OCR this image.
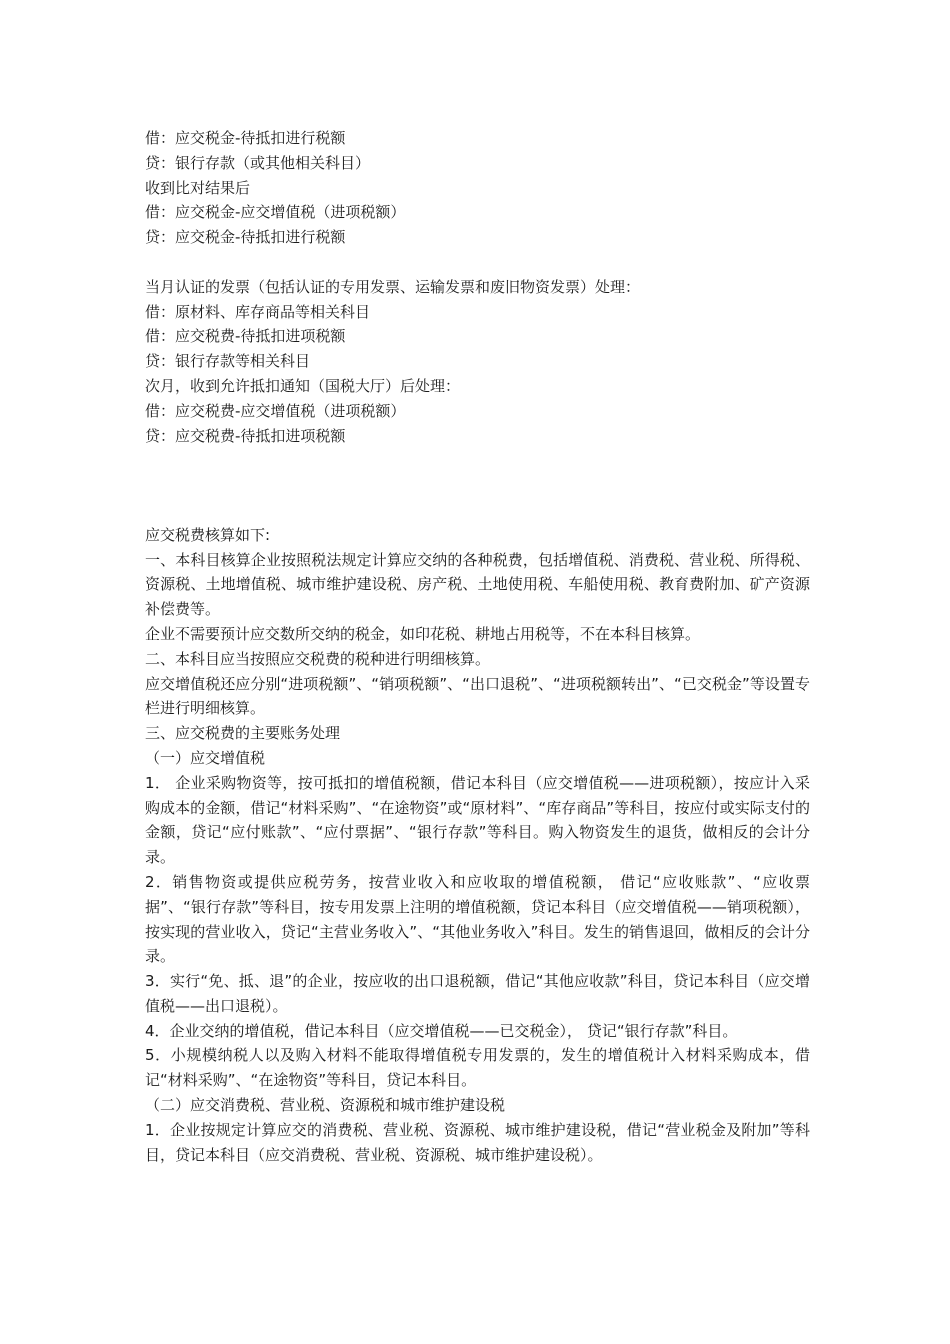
借：应交税金-待抵扣进行税额
贷：银行存款（或其他相关科目）
收到比对结果后
借：应交税金-应交增值税（进项税额）
贷：应交税金-待抵扣进行税额
当月认证的发票（包括认证的专用发票、运输发票和废旧物资发票）处理：
借：原材料、库存商品等相关科目
借：应交税费-待抵扣进项税额
贷：银行存款等相关科目
次月，收到允许抵扣通知（国税大厅）后处理：
借：应交税费-应交增值税（进项税额）
贷：应交税费-待抵扣进项税额
应交税费核算如下:
一、本科目核算企业按照税法规定计算应交纳的各种税费，包括增值税、消费税、营业税、所得税、资源税、土地增值税、城市维护建设税、房产税、土地使用税、车船使用税、教育费附加、矿产资源补偿费等。
企业不需要预计应交数所交纳的税金，如印花税、耕地占用税等，不在本科目核算。
二、本科目应当按照应交税费的税种进行明细核算。
应交增值税还应分别“进项税额”、“销项税额”、“出口退税”、“进项税额转出”、“已交税金”等设置专栏进行明细核算。
三、应交税费的主要账务处理
（一）应交增值税
1． 企业采购物资等，按可抵扣的增值税额，借记本科目（应交增值税——进项税额），按应计入采购成本的金额，借记“材料采购”、“在途物资”或“原材料”、“库存商品”等科目，按应付或实际支付的金额，贷记“应付账款”、“应付票据”、“银行存款”等科目。购入物资发生的退货，做相反的会计分录。
2．销售物资或提供应税劳务，按营业收入和应收取的增值税额， 借记“应收账款”、“应收票据”、“银行存款”等科目，按专用发票上注明的增值税额，贷记本科目（应交增值税——销项税额），按实现的营业收入，贷记“主营业务收入”、“其他业务收入”科目。发生的销售退回，做相反的会计分录。
3．实行“免、抵、退”的企业，按应收的出口退税额，借记“其他应收款”科目，贷记本科目（应交增值税——出口退税）。
4．企业交纳的增值税，借记本科目（应交增值税——已交税金）， 贷记“银行存款”科目。
5．小规模纳税人以及购入材料不能取得增值税专用发票的，发生的增值税计入材料采购成本，借记“材料采购”、“在途物资”等科目，贷记本科目。
（二）应交消费税、营业税、资源税和城市维护建设税
1．企业按规定计算应交的消费税、营业税、资源税、城市维护建设税，借记“营业税金及附加”等科目，贷记本科目（应交消费税、营业税、资源税、城市维护建设税）。
